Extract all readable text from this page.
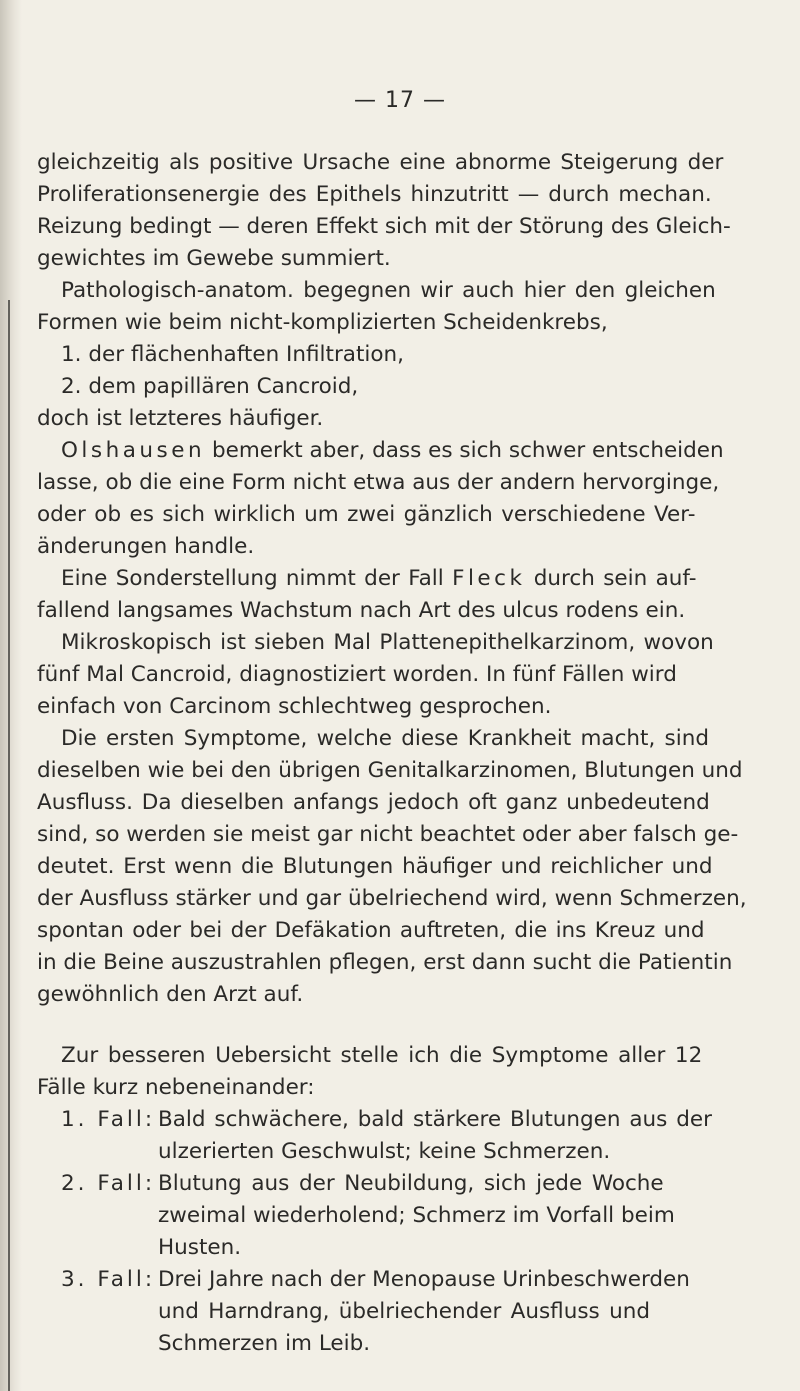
— 17 —
gleichzeitig als positive Ursache eine abnorme Steigerung der
Proliferationsenergie des Epithels hinzutritt — durch mechan.
Reizung bedingt — deren Effekt sich mit der Störung des Gleich-
gewichtes im Gewebe summiert.
Pathologisch-anatom. begegnen wir auch hier den gleichen
Formen wie beim nicht-komplizierten Scheidenkrebs,
1. der flächenhaften Infiltration,
2. dem papillären Cancroid,
doch ist letzteres häufiger.
Olshausen bemerkt aber, dass es sich schwer entscheiden
lasse, ob die eine Form nicht etwa aus der andern hervorginge,
oder ob es sich wirklich um zwei gänzlich verschiedene Ver-
änderungen handle.
Eine Sonderstellung nimmt der Fall Fleck durch sein auf-
fallend langsames Wachstum nach Art des ulcus rodens ein.
Mikroskopisch ist sieben Mal Plattenepithelkarzinom, wovon
fünf Mal Cancroid, diagnostiziert worden. In fünf Fällen wird
einfach von Carcinom schlechtweg gesprochen.
Die ersten Symptome, welche diese Krankheit macht, sind
dieselben wie bei den übrigen Genitalkarzinomen, Blutungen und
Ausfluss. Da dieselben anfangs jedoch oft ganz unbedeutend
sind, so werden sie meist gar nicht beachtet oder aber falsch ge-
deutet. Erst wenn die Blutungen häufiger und reichlicher und
der Ausfluss stärker und gar übelriechend wird, wenn Schmerzen,
spontan oder bei der Defäkation auftreten, die ins Kreuz und
in die Beine auszustrahlen pflegen, erst dann sucht die Patientin
gewöhnlich den Arzt auf.
Zur besseren Uebersicht stelle ich die Symptome aller 12
Fälle kurz nebeneinander:
1. Fall: Bald schwächere, bald stärkere Blutungen aus der
ulzerierten Geschwulst; keine Schmerzen.
2. Fall: Blutung aus der Neubildung, sich jede Woche
zweimal wiederholend; Schmerz im Vorfall beim
Husten.
3. Fall: Drei Jahre nach der Menopause Urinbeschwerden
und Harndrang, übelriechender Ausfluss und
Schmerzen im Leib.
